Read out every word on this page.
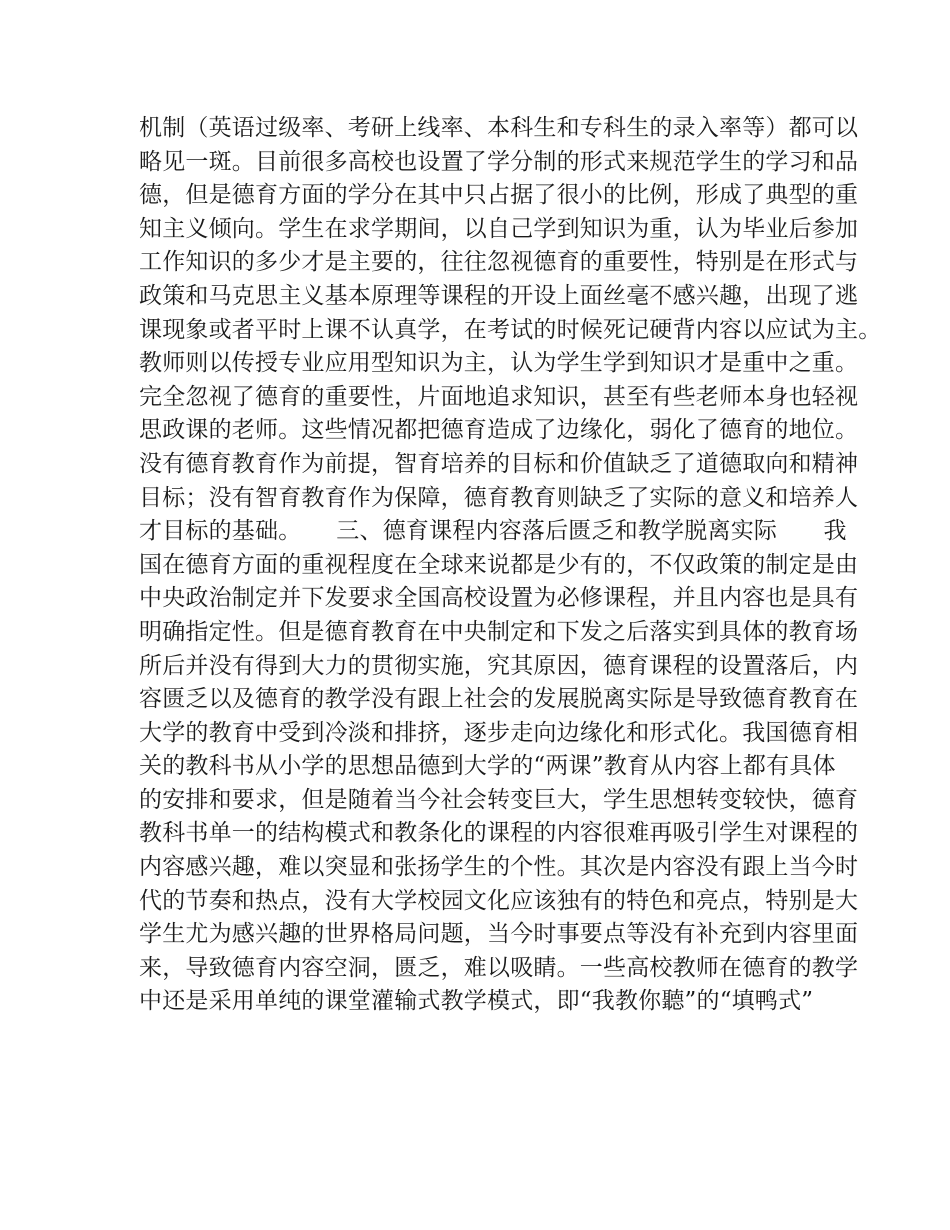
机制（英语过级率、考研上线率、本科生和专科生的录入率等）都可以
略见一斑。目前很多高校也设置了学分制的形式来规范学生的学习和品
德，但是德育方面的学分在其中只占据了很小的比例，形成了典型的重
知主义倾向。学生在求学期间，以自己学到知识为重，认为毕业后参加
工作知识的多少才是主要的，往往忽视德育的重要性，特别是在形式与
政策和马克思主义基本原理等课程的开设上面丝毫不感兴趣，出现了逃
课现象或者平时上课不认真学，在考试的时候死记硬背内容以应试为主。
教师则以传授专业应用型知识为主，认为学生学到知识才是重中之重。
完全忽视了德育的重要性，片面地追求知识，甚至有些老师本身也轻视
思政课的老师。这些情况都把德育造成了边缘化，弱化了德育的地位。
没有德育教育作为前提，智育培养的目标和价值缺乏了道德取向和精神
目标；没有智育教育作为保障，德育教育则缺乏了实际的意义和培养人
才目标的基础。　　三、德育课程内容落后匮乏和教学脱离实际　　我
国在德育方面的重视程度在全球来说都是少有的，不仅政策的制定是由
中央政治制定并下发要求全国高校设置为必修课程，并且内容也是具有
明确指定性。但是德育教育在中央制定和下发之后落实到具体的教育场
所后并没有得到大力的贯彻实施，究其原因，德育课程的设置落后，内
容匮乏以及德育的教学没有跟上社会的发展脱离实际是导致德育教育在
大学的教育中受到冷淡和排挤，逐步走向边缘化和形式化。我国德育相
关的教科书从小学的思想品德到大学的“两课”教育从内容上都有具体
的安排和要求，但是随着当今社会转变巨大，学生思想转变较快，德育
教科书单一的结构模式和教条化的课程的内容很难再吸引学生对课程的
内容感兴趣，难以突显和张扬学生的个性。其次是内容没有跟上当今时
代的节奏和热点，没有大学校园文化应该独有的特色和亮点，特别是大
学生尤为感兴趣的世界格局问题，当今时事要点等没有补充到内容里面
来，导致德育内容空洞，匮乏，难以吸睛。一些高校教师在德育的教学
中还是采用单纯的课堂灌输式教学模式，即“我教你聽”的“填鸭式”
